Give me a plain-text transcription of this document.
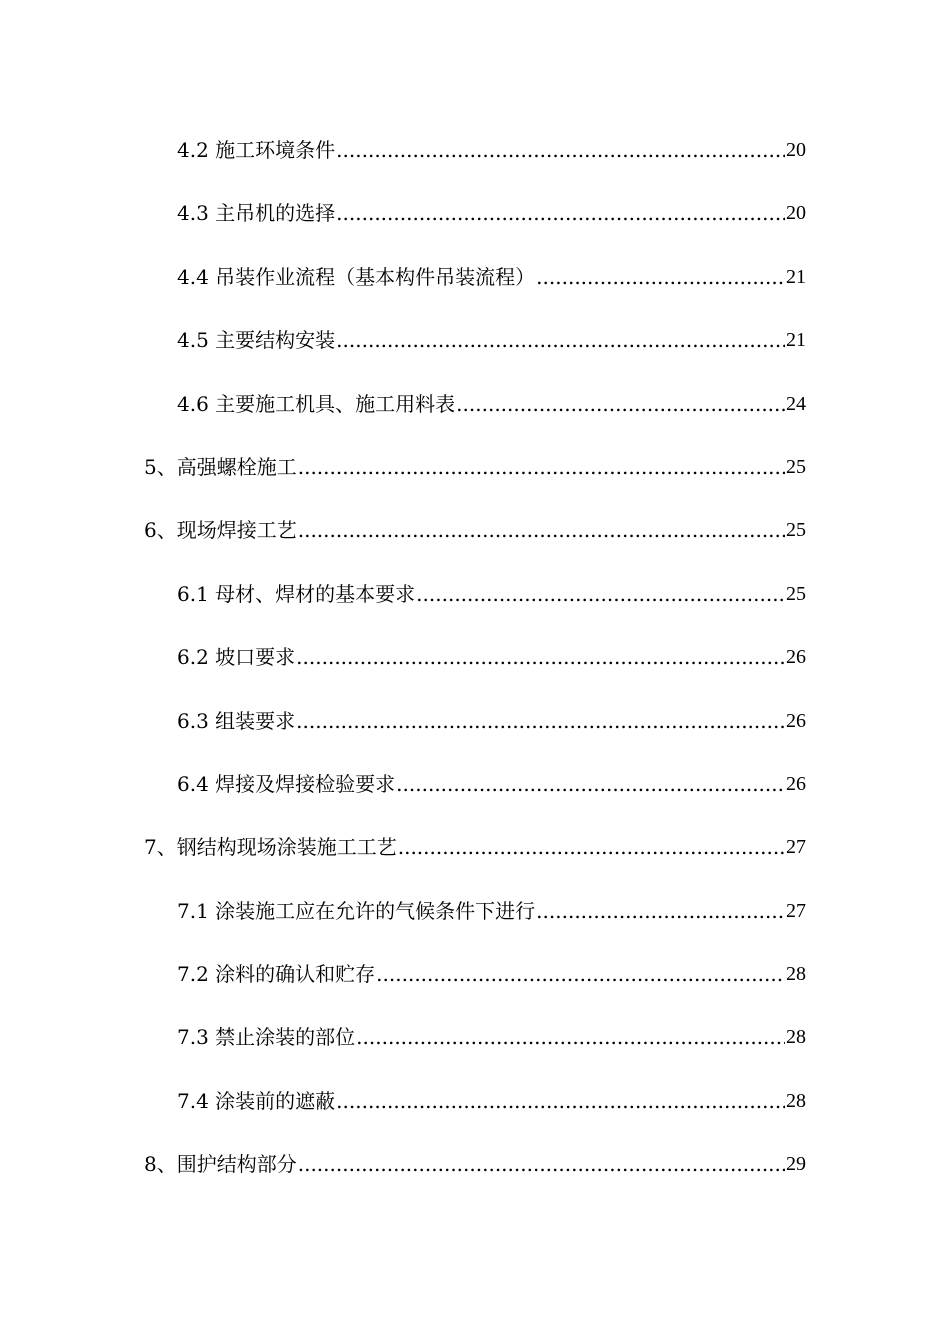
4.2 施工环境条件 .....	20
4.3 主吊机的选择 .....	20
4.4 吊装作业流程（基本构件吊装流程） .....	21
4.5 主要结构安装 .....	21
4.6 主要施工机具、施工用料表 .....	24
5、高强螺栓施工 .....	25
6、现场焊接工艺 .....	25
6.1 母材、焊材的基本要求 .....	25
6.2 坡口要求 .....	26
6.3 组装要求 .....	26
6.4 焊接及焊接检验要求 .....	26
7、钢结构现场涂装施工工艺 .....	27
7.1 涂装施工应在允许的气候条件下进行 .....	27
7.2 涂料的确认和贮存 .....	28
7.3 禁止涂装的部位 .....	28
7.4 涂装前的遮蔽 .....	28
8、围护结构部分 .....	29
